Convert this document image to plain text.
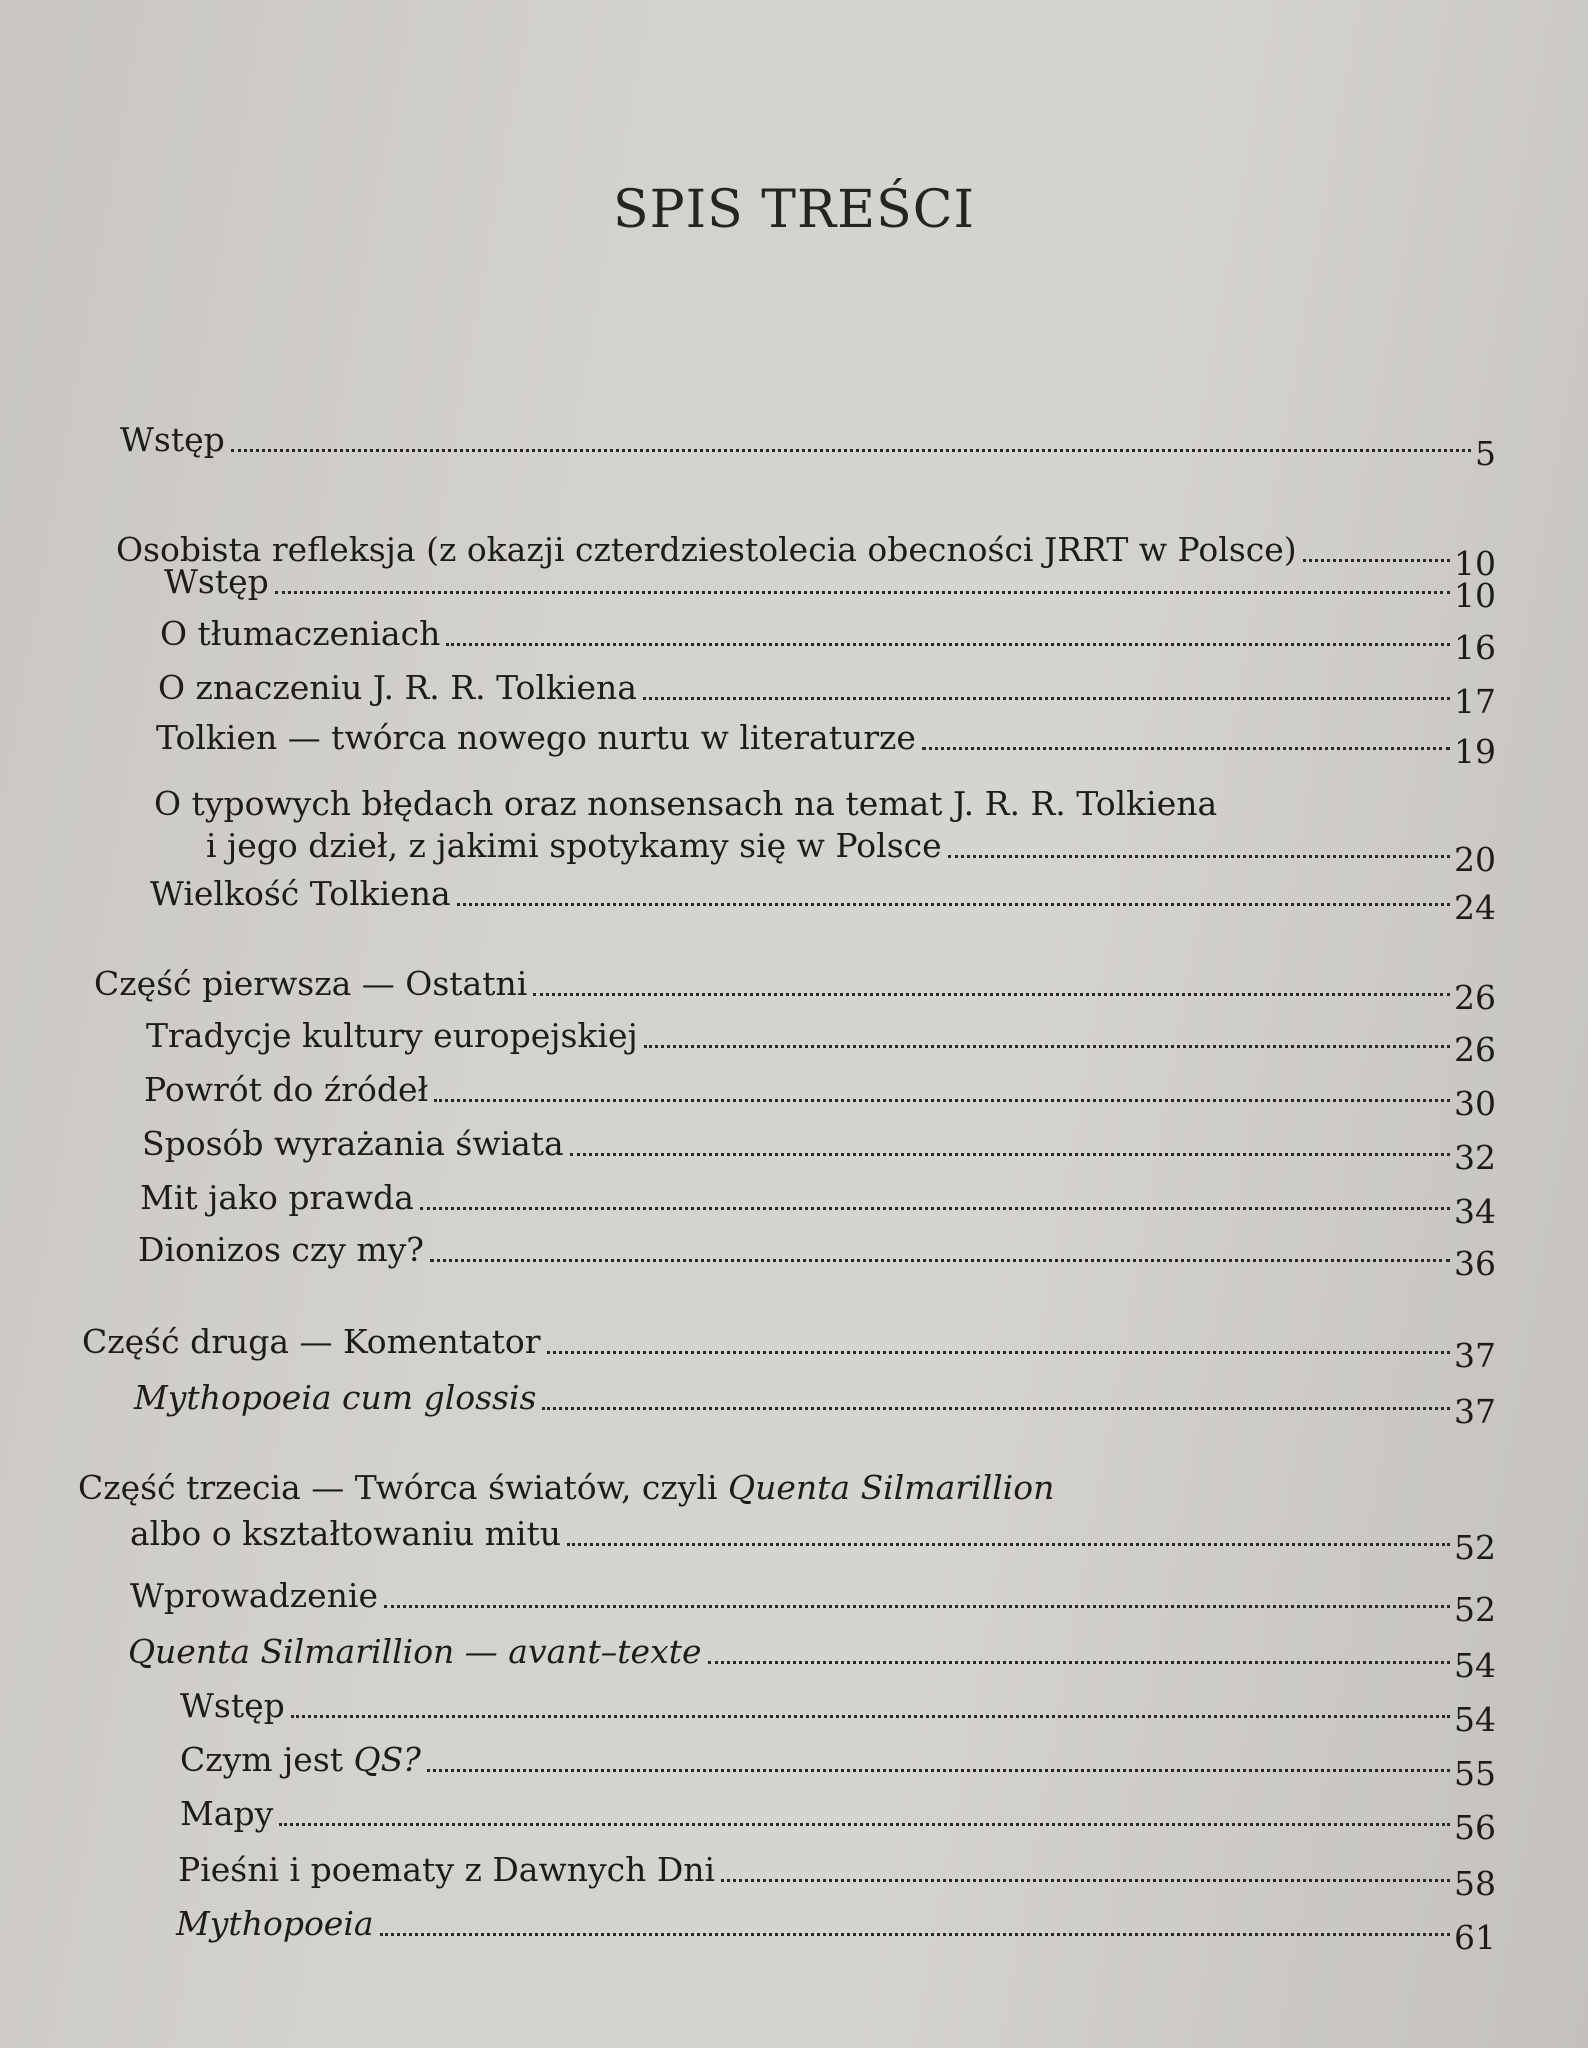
SPIS TREŚCI
Wstęp	5
Osobista refleksja (z okazji czterdziestolecia obecności JRRT w Polsce)	10
Wstęp	10
O tłumaczeniach	16
O znaczeniu J. R. R. Tolkiena	17
Tolkien — twórca nowego nurtu w literaturze	19
O typowych błędach oraz nonsensach na temat J. R. R. Tolkiena
i jego dzieł, z jakimi spotykamy się w Polsce	20
Wielkość Tolkiena	24
Część pierwsza — Ostatni	26
Tradycje kultury europejskiej	26
Powrót do źródeł	30
Sposób wyrażania świata	32
Mit jako prawda	34
Dionizos czy my?	36
Część druga — Komentator	37
Mythopoeia cum glossis	37
Część trzecia — Twórca światów, czyli Quenta Silmarillion
albo o kształtowaniu mitu	52
Wprowadzenie	52
Quenta Silmarillion — avant–texte	54
Wstęp	54
Czym jest QS?	55
Mapy	56
Pieśni i poematy z Dawnych Dni	58
Mythopoeia	61
